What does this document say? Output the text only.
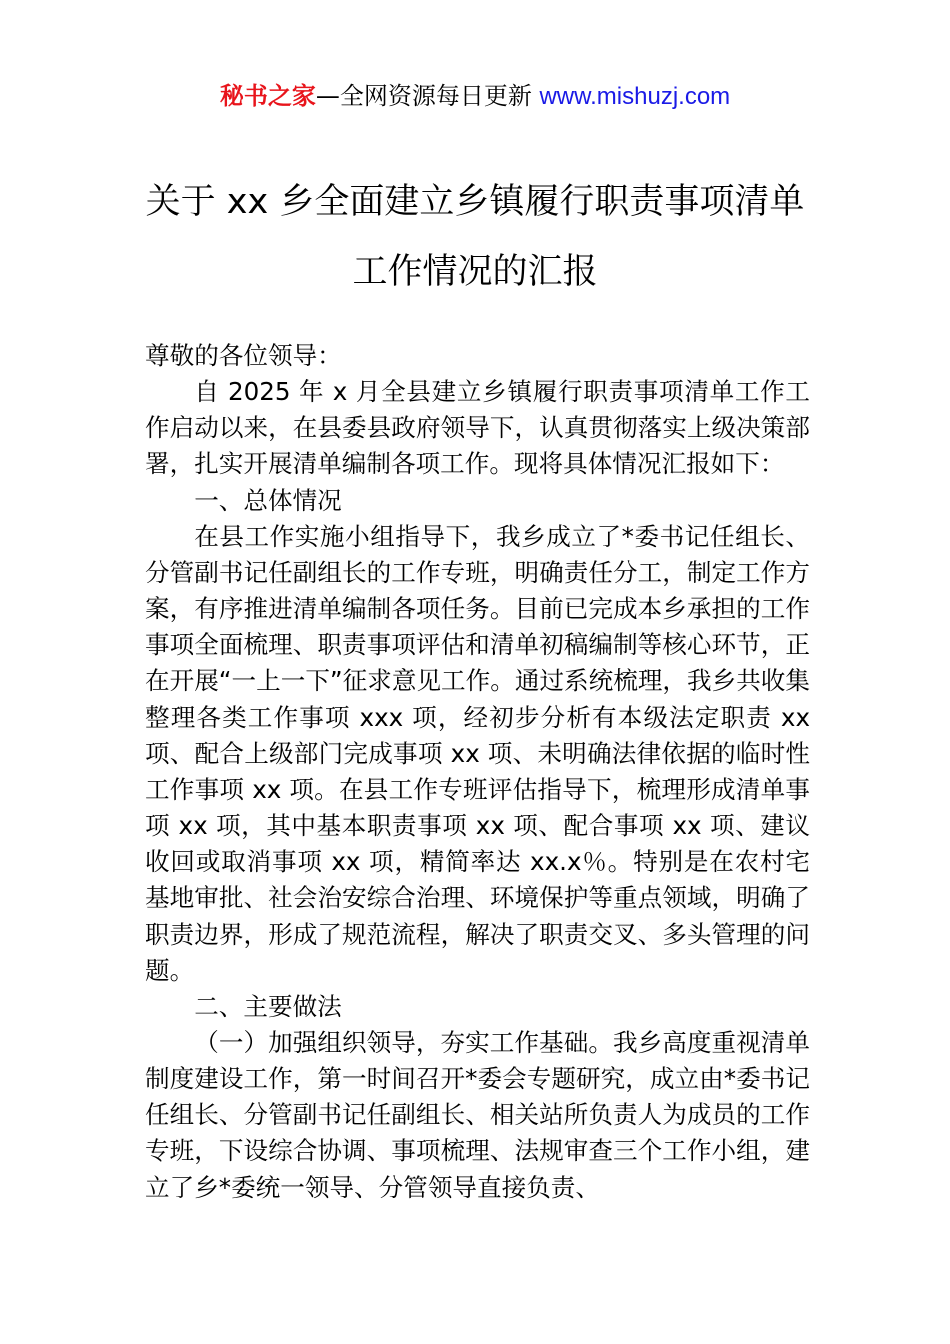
秘书之家—全网资源每日更新 www.mishuzj.com
关于 xx 乡全面建立乡镇履行职责事项清单
工作情况的汇报

尊敬的各位领导：

自 2025 年 x 月全县建立乡镇履行职责事项清单工作工作启动以来，在县委县政府领导下，认真贯彻落实上级决策部署，扎实开展清单编制各项工作。现将具体情况汇报如下：

一、总体情况

在县工作实施小组指导下，我乡成立了*委书记任组长、分管副书记任副组长的工作专班，明确责任分工，制定工作方案，有序推进清单编制各项任务。目前已完成本乡承担的工作事项全面梳理、职责事项评估和清单初稿编制等核心环节，正在开展“一上一下”征求意见工作。通过系统梳理，我乡共收集整理各类工作事项 xxx 项，经初步分析有本级法定职责 xx 项、配合上级部门完成事项 xx 项、未明确法律依据的临时性工作事项 xx 项。在县工作专班评估指导下，梳理形成清单事项 xx 项，其中基本职责事项 xx 项、配合事项 xx 项、建议收回或取消事项 xx 项，精简率达 xx.x％。特别是在农村宅基地审批、社会治安综合治理、环境保护等重点领域，明确了职责边界，形成了规范流程，解决了职责交叉、多头管理的问题。

二、主要做法

（一）加强组织领导，夯实工作基础。我乡高度重视清单制度建设工作，第一时间召开*委会专题研究，成立由*委书记任组长、分管副书记任副组长、相关站所负责人为成员的工作专班，下设综合协调、事项梳理、法规审查三个工作小组，建立了乡*委统一领导、分管领导直接负责、
